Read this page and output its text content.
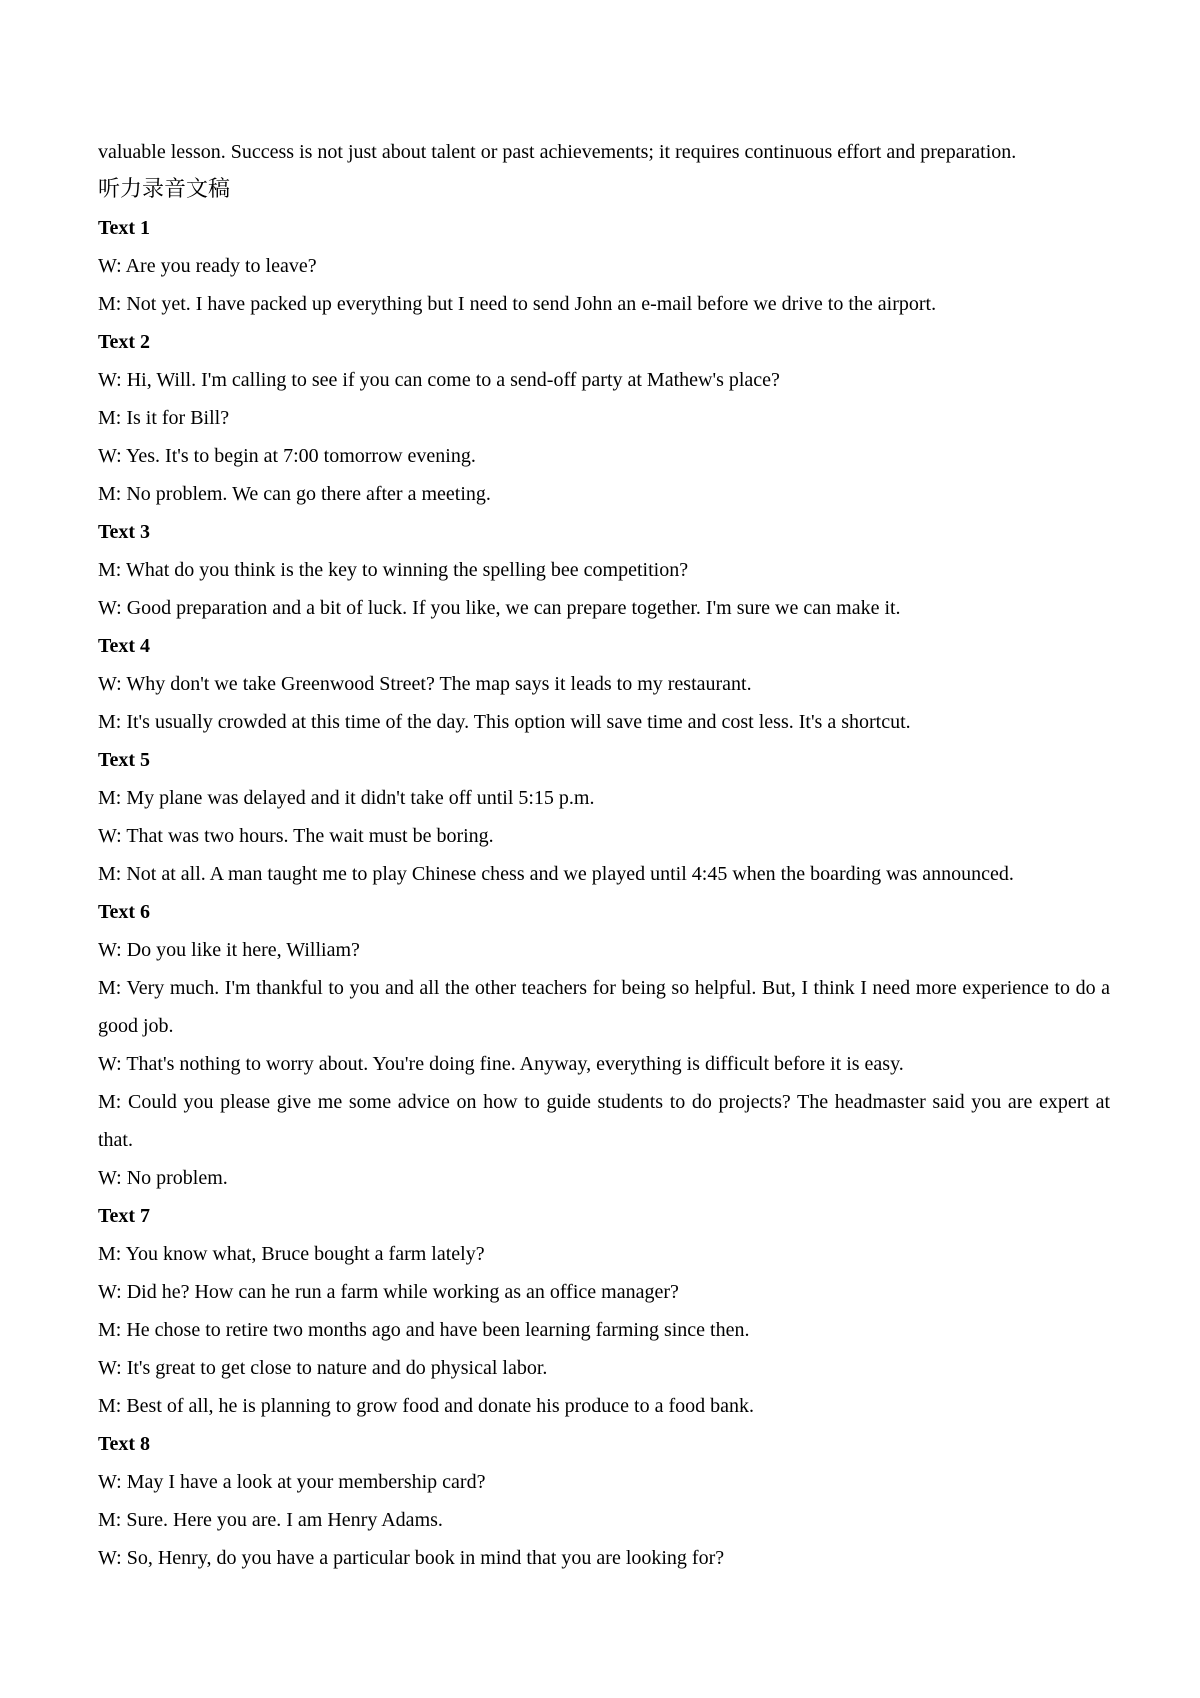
valuable lesson. Success is not just about talent or past achievements; it requires continuous effort and preparation.

听力录音文稿

Text 1

W: Are you ready to leave?

M: Not yet. I have packed up everything but I need to send John an e-mail before we drive to the airport.

Text 2

W: Hi, Will. I'm calling to see if you can come to a send-off party at Mathew's place?

M: Is it for Bill?

W: Yes. It's to begin at 7:00 tomorrow evening.

M: No problem. We can go there after a meeting.

Text 3

M: What do you think is the key to winning the spelling bee competition?

W: Good preparation and a bit of luck. If you like, we can prepare together. I'm sure we can make it.

Text 4

W: Why don't we take Greenwood Street? The map says it leads to my restaurant.

M: It's usually crowded at this time of the day. This option will save time and cost less. It's a shortcut.

Text 5

M: My plane was delayed and it didn't take off until 5:15 p.m.

W: That was two hours. The wait must be boring.

M: Not at all. A man taught me to play Chinese chess and we played until 4:45 when the boarding was announced.

Text 6

W: Do you like it here, William?

M: Very much. I'm thankful to you and all the other teachers for being so helpful. But, I think I need more experience to do a good job.

W: That's nothing to worry about. You're doing fine. Anyway, everything is difficult before it is easy.

M: Could you please give me some advice on how to guide students to do projects? The headmaster said you are expert at that.

W: No problem.

Text 7

M: You know what, Bruce bought a farm lately?

W: Did he? How can he run a farm while working as an office manager?

M: He chose to retire two months ago and have been learning farming since then.

W: It's great to get close to nature and do physical labor.

M: Best of all, he is planning to grow food and donate his produce to a food bank.

Text 8

W: May I have a look at your membership card?

M: Sure. Here you are. I am Henry Adams.

W: So, Henry, do you have a particular book in mind that you are looking for?
